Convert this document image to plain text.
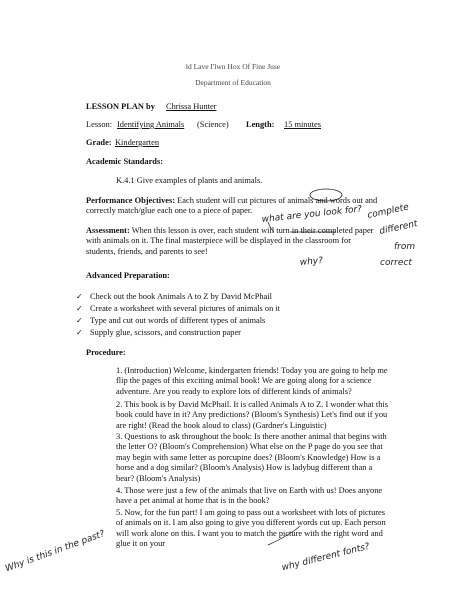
ld Lave I'lwn Hox Of Fine Juse
Department of Education
LESSON PLAN by Chrissa Hunter
Lesson: Identifying Animals (Science) Length: 15 minutes
Grade: Kindergarten
Academic Standards:
K.4.1 Give examples of plants and animals.
Performance Objectives: Each student will cut pictures of animals and words out and correctly match/glue each one to a piece of paper.
Assessment: When this lesson is over, each student will turn in their completed paper with animals on it. The final masterpiece will be displayed in the classroom for students, friends, and parents to see!
Advanced Preparation:
✓ Check out the book Animals A to Z by David McPhail
✓ Create a worksheet with several pictures of animals on it
✓ Type and cut out words of different types of animals
✓ Supply glue, scissors, and construction paper
Procedure:
1. (Introduction) Welcome, kindergarten friends! Today you are going to help me flip the pages of this exciting animal book! We are going along for a science adventure. Are you ready to explore lots of different kinds of animals?
2. This book is by David McPhail. It is called Animals A to Z. I wonder what this book could have in it? Any predictions? (Bloom's Synthesis) Let's find out if you are right! (Read the book aloud to class) (Gardner's Linguistic)
3. Questions to ask throughout the book: Is there another animal that begins with the letter O? (Bloom's Comprehension) What else on the P page do you see that may begin with same letter as porcupine does? (Bloom's Knowledge) How is a horse and a dog similar? (Bloom's Analysis) How is ladybug different than a bear? (Bloom's Analysis)
4. Those were just a few of the animals that live on Earth with us! Does anyone have a pet animal at home that is in the book?
5. Now, for the fun part! I am going to pass out a worksheet with lots of pictures of animals on it. I am also going to give you different words cut up. Each person will work alone on this. I want you to match the picture with the right word and glue it on your
what are you look for? complete
different
from
correct
why?
Why is this in the past?	why different fonts?
